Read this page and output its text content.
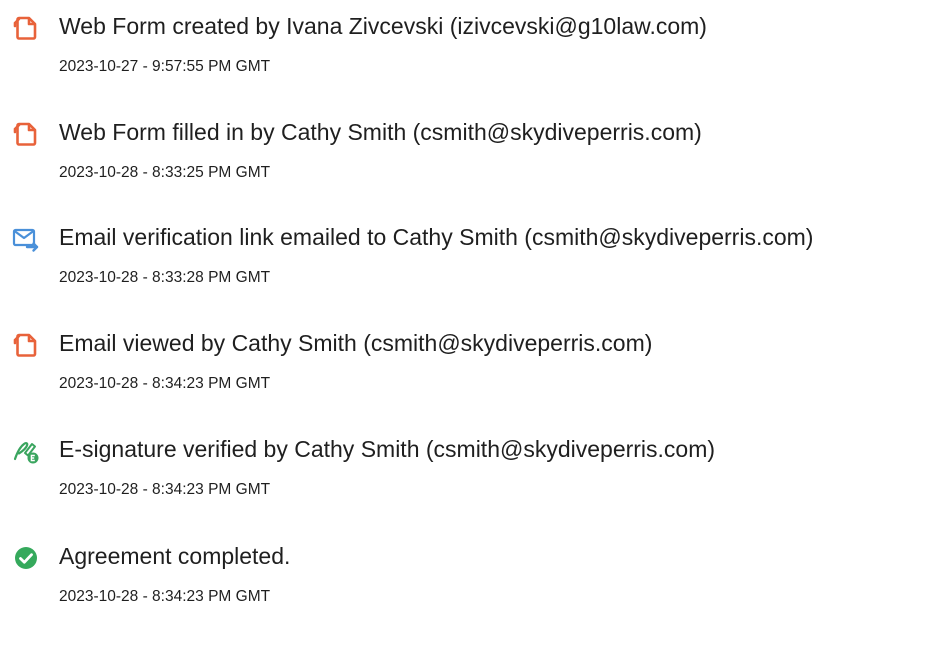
Web Form created by Ivana Zivcevski (izivcevski@g10law.com)
2023-10-27 - 9:57:55 PM GMT
Web Form filled in by Cathy Smith (csmith@skydiveperris.com)
2023-10-28 - 8:33:25 PM GMT
Email verification link emailed to Cathy Smith (csmith@skydiveperris.com)
2023-10-28 - 8:33:28 PM GMT
Email viewed by Cathy Smith (csmith@skydiveperris.com)
2023-10-28 - 8:34:23 PM GMT
E-signature verified by Cathy Smith (csmith@skydiveperris.com)
2023-10-28 - 8:34:23 PM GMT
Agreement completed.
2023-10-28 - 8:34:23 PM GMT
